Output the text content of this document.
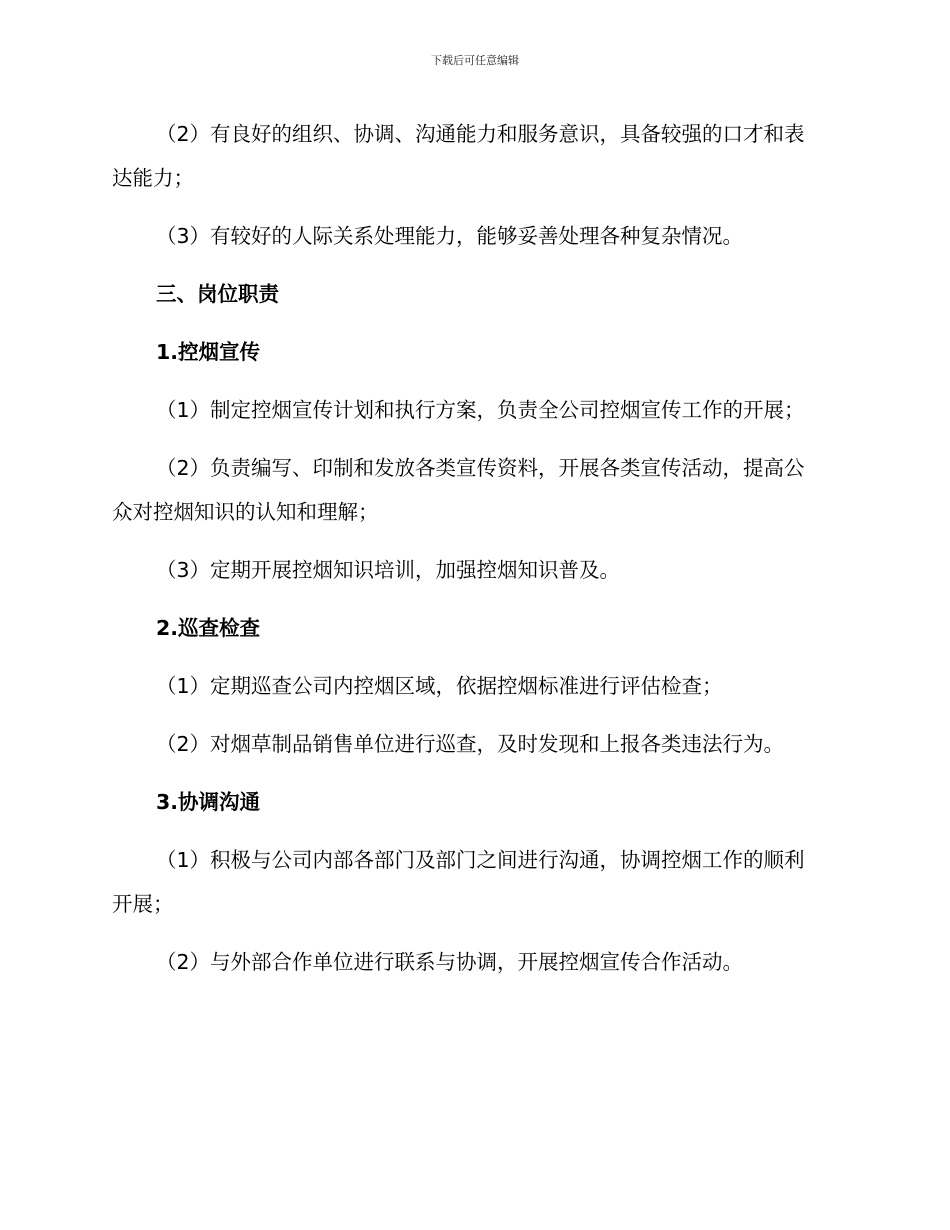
下载后可任意编辑

（2）有良好的组织、协调、沟通能力和服务意识，具备较强的口才和表达能力；

（3）有较好的人际关系处理能力，能够妥善处理各种复杂情况。

三、岗位职责
1.控烟宣传

（1）制定控烟宣传计划和执行方案，负责全公司控烟宣传工作的开展；

（2）负责编写、印制和发放各类宣传资料，开展各类宣传活动，提高公众对控烟知识的认知和理解；

（3）定期开展控烟知识培训，加强控烟知识普及。

2.巡查检查

（1）定期巡查公司内控烟区域，依据控烟标准进行评估检查；

（2）对烟草制品销售单位进行巡查，及时发现和上报各类违法行为。

3.协调沟通

（1）积极与公司内部各部门及部门之间进行沟通，协调控烟工作的顺利开展；

（2）与外部合作单位进行联系与协调，开展控烟宣传合作活动。
